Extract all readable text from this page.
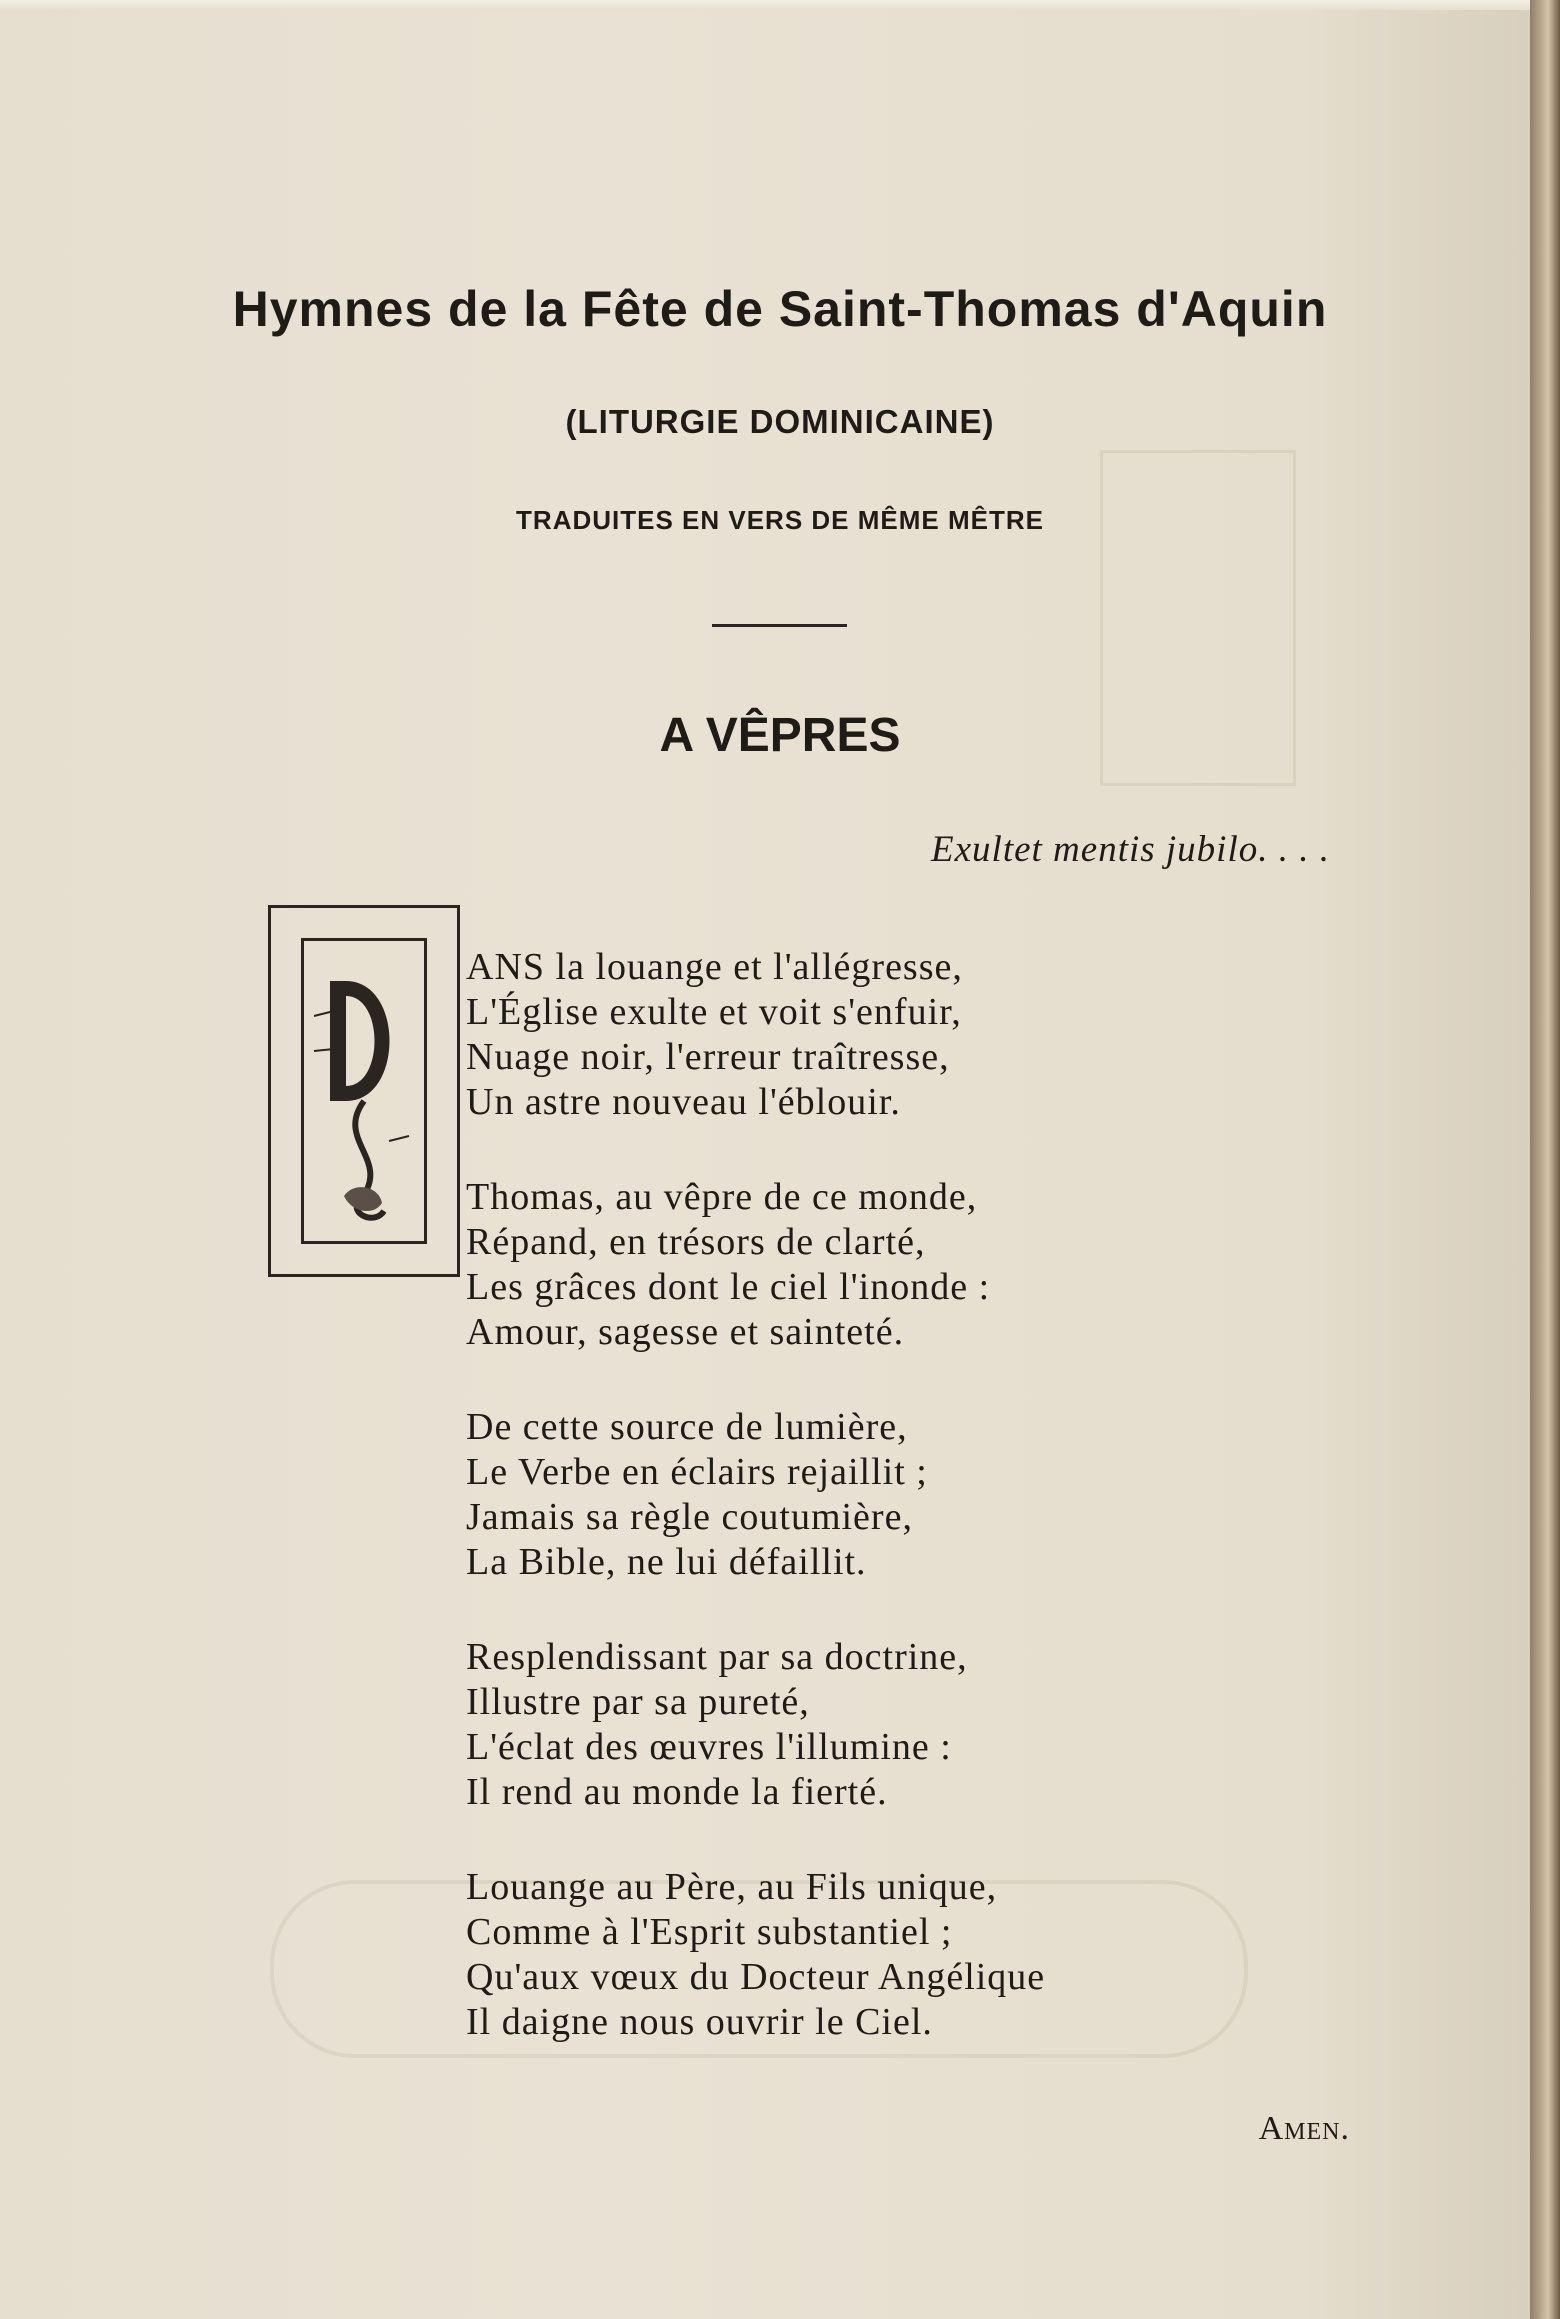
Hymnes de la Fête de Saint-Thomas d'Aquin
(LITURGIE DOMINICAINE)
TRADUITES EN VERS DE MÊME MÊTRE
A VÊPRES
Exultet mentis jubilo. . . .
ANS la louange et l'allégresse,
L'Église exulte et voit s'enfuir,
Nuage noir, l'erreur traîtresse,
Un astre nouveau l'éblouir.
Thomas, au vêpre de ce monde,
Répand, en trésors de clarté,
Les grâces dont le ciel l'inonde :
Amour, sagesse et sainteté.
De cette source de lumière,
Le Verbe en éclairs rejaillit ;
Jamais sa règle coutumière,
La Bible, ne lui défaillit.
Resplendissant par sa doctrine,
Illustre par sa pureté,
L'éclat des œuvres l'illumine :
Il rend au monde la fierté.
Louange au Père, au Fils unique,
Comme à l'Esprit substantiel ;
Qu'aux vœux du Docteur Angélique
Il daigne nous ouvrir le Ciel.
Amen.
